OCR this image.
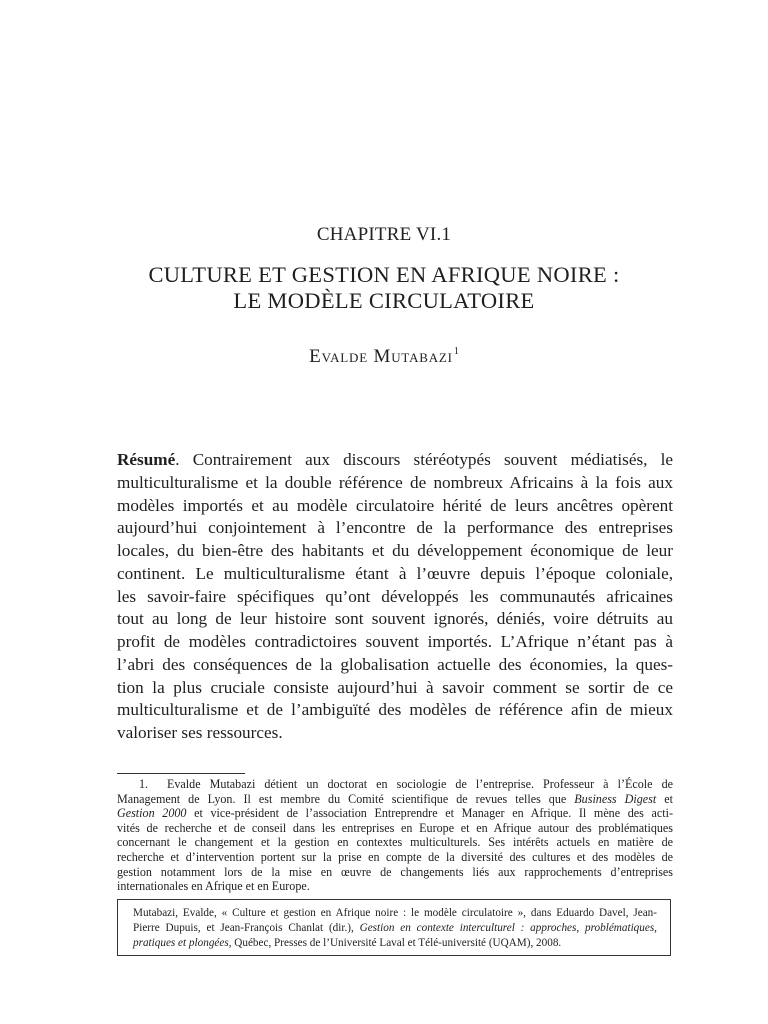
CHAPITRE VI.1
CULTURE ET GESTION EN AFRIQUE NOIRE :
LE MODÈLE CIRCULATOIRE
Evalde Mutabazi$^1$
Résumé. Contrairement aux discours stéréotypés souvent médiatisés, le
multiculturalisme et la double référence de nombreux Africains à la fois aux
modèles importés et au modèle circulatoire hérité de leurs ancêtres opèrent
aujourd’hui conjointement à l’encontre de la performance des entreprises
locales, du bien-être des habitants et du développement économique de leur
continent. Le multiculturalisme étant à l’œuvre depuis l’époque coloniale,
les savoir-faire spécifiques qu’ont développés les communautés africaines
tout au long de leur histoire sont souvent ignorés, déniés, voire détruits au
profit de modèles contradictoires souvent importés. L’Afrique n’étant pas à
l’abri des conséquences de la globalisation actuelle des économies, la ques-
tion la plus cruciale consiste aujourd’hui à savoir comment se sortir de ce
multiculturalisme et de l’ambiguïté des modèles de référence afin de mieux
valoriser ses ressources.
1. Evalde Mutabazi détient un doctorat en sociologie de l’entreprise. Professeur à l’École de
Management de Lyon. Il est membre du Comité scientifique de revues telles que Business Digest et
Gestion 2000 et vice-président de l’association Entreprendre et Manager en Afrique. Il mène des acti-
vités de recherche et de conseil dans les entreprises en Europe et en Afrique autour des problématiques
concernant le changement et la gestion en contextes multiculturels. Ses intérêts actuels en matière de
recherche et d’intervention portent sur la prise en compte de la diversité des cultures et des modèles de
gestion notamment lors de la mise en œuvre de changements liés aux rapprochements d’entreprises
internationales en Afrique et en Europe.
Mutabazi, Evalde, « Culture et gestion en Afrique noire : le modèle circulatoire », dans Eduardo Davel, Jean-
Pierre Dupuis, et Jean-François Chanlat (dir.), Gestion en contexte interculturel : approches, problématiques,
pratiques et plongées, Québec, Presses de l’Université Laval et Télé-université (UQAM), 2008.
